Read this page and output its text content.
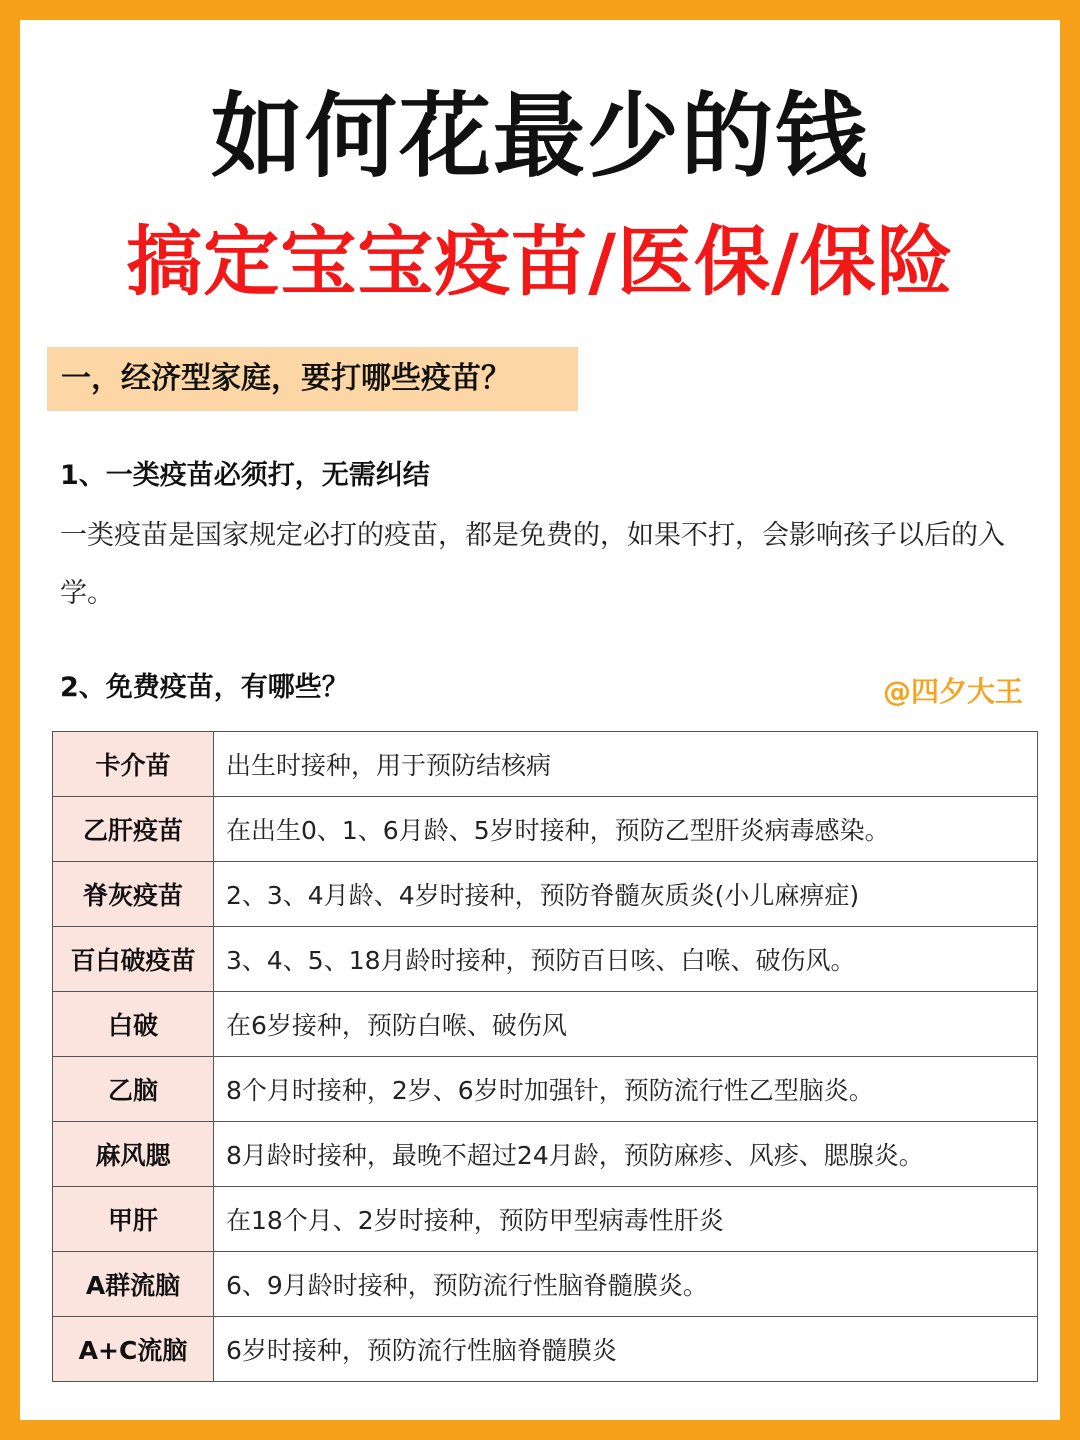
如何花最少的钱
搞定宝宝疫苗/医保/保险
一，经济型家庭，要打哪些疫苗？
1、一类疫苗必须打，无需纠结
一类疫苗是国家规定必打的疫苗，都是免费的，如果不打，会影响孩子以后的入学。
2、免费疫苗，有哪些？	@四夕大王
卡介苗	出生时接种，用于预防结核病
乙肝疫苗	在出生0、1、6月龄、5岁时接种，预防乙型肝炎病毒感染。
脊灰疫苗	2、3、4月龄、4岁时接种，预防脊髓灰质炎(小儿麻痹症)
百白破疫苗	3、4、5、18月龄时接种，预防百日咳、白喉、破伤风。
白破	在6岁接种，预防白喉、破伤风
乙脑	8个月时接种，2岁、6岁时加强针，预防流行性乙型脑炎。
麻风腮	8月龄时接种，最晚不超过24月龄，预防麻疹、风疹、腮腺炎。
甲肝	在18个月、2岁时接种，预防甲型病毒性肝炎
A群流脑	6、9月龄时接种，预防流行性脑脊髓膜炎。
A+C流脑	6岁时接种，预防流行性脑脊髓膜炎
